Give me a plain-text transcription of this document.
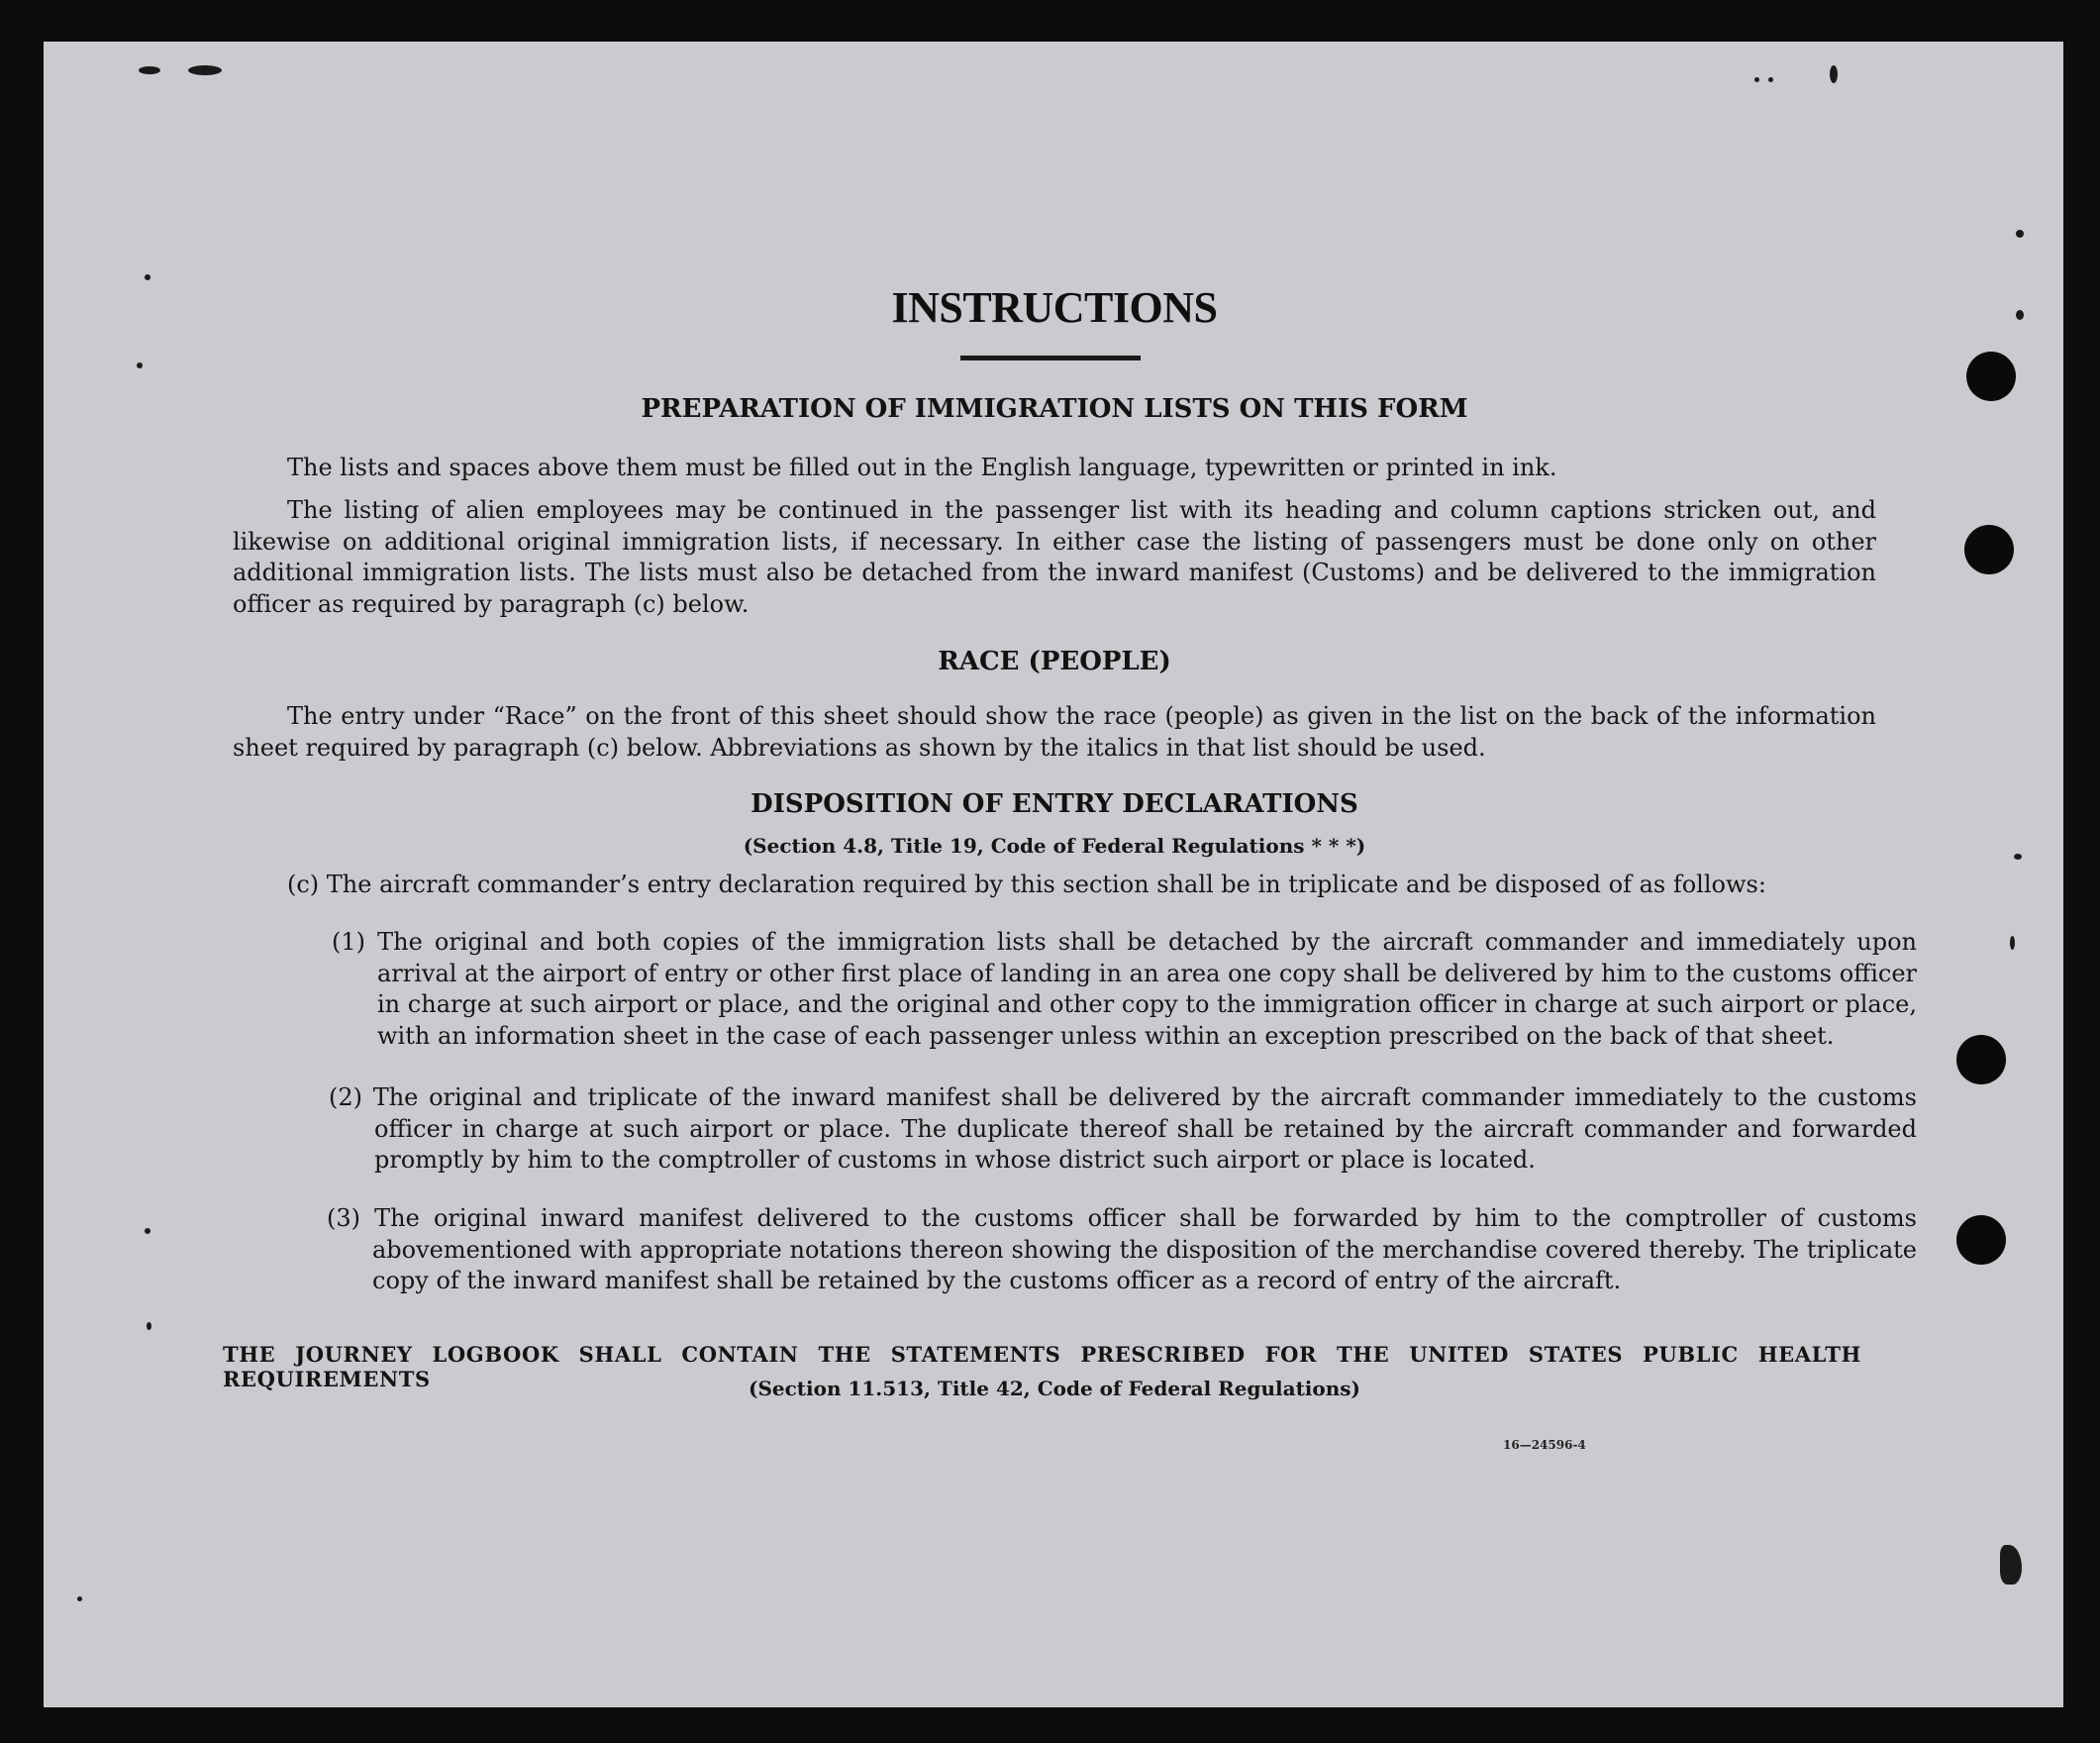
INSTRUCTIONS
PREPARATION OF IMMIGRATION LISTS ON THIS FORM
The lists and spaces above them must be filled out in the English language, typewritten or printed in ink.
The listing of alien employees may be continued in the passenger list with its heading and column captions stricken out, and likewise on additional original immigration lists, if necessary. In either case the listing of passengers must be done only on other additional immigration lists. The lists must also be detached from the inward manifest (Customs) and be delivered to the immigration officer as required by paragraph (c) below.
RACE (PEOPLE)
The entry under “Race” on the front of this sheet should show the race (people) as given in the list on the back of the information sheet required by paragraph (c) below. Abbreviations as shown by the italics in that list should be used.
DISPOSITION OF ENTRY DECLARATIONS
(Section 4.8, Title 19, Code of Federal Regulations * * *)
(c) The aircraft commander’s entry declaration required by this section shall be in triplicate and be disposed of as follows:
(1) The original and both copies of the immigration lists shall be detached by the aircraft commander and immediately upon arrival at the airport of entry or other first place of landing in an area one copy shall be delivered by him to the customs officer in charge at such airport or place, and the original and other copy to the immigration officer in charge at such airport or place, with an information sheet in the case of each passenger unless within an exception prescribed on the back of that sheet.
(2) The original and triplicate of the inward manifest shall be delivered by the aircraft commander immediately to the customs officer in charge at such airport or place. The duplicate thereof shall be retained by the aircraft commander and forwarded promptly by him to the comptroller of customs in whose district such airport or place is located.
(3) The original inward manifest delivered to the customs officer shall be forwarded by him to the comptroller of customs abovementioned with appropriate notations thereon showing the disposition of the merchandise covered thereby. The triplicate copy of the inward manifest shall be retained by the customs officer as a record of entry of the aircraft.
THE JOURNEY LOGBOOK SHALL CONTAIN THE STATEMENTS PRESCRIBED FOR THE UNITED STATES PUBLIC HEALTH REQUIREMENTS	(Section 11.513, Title 42, Code of Federal Regulations)
16—24596-4
